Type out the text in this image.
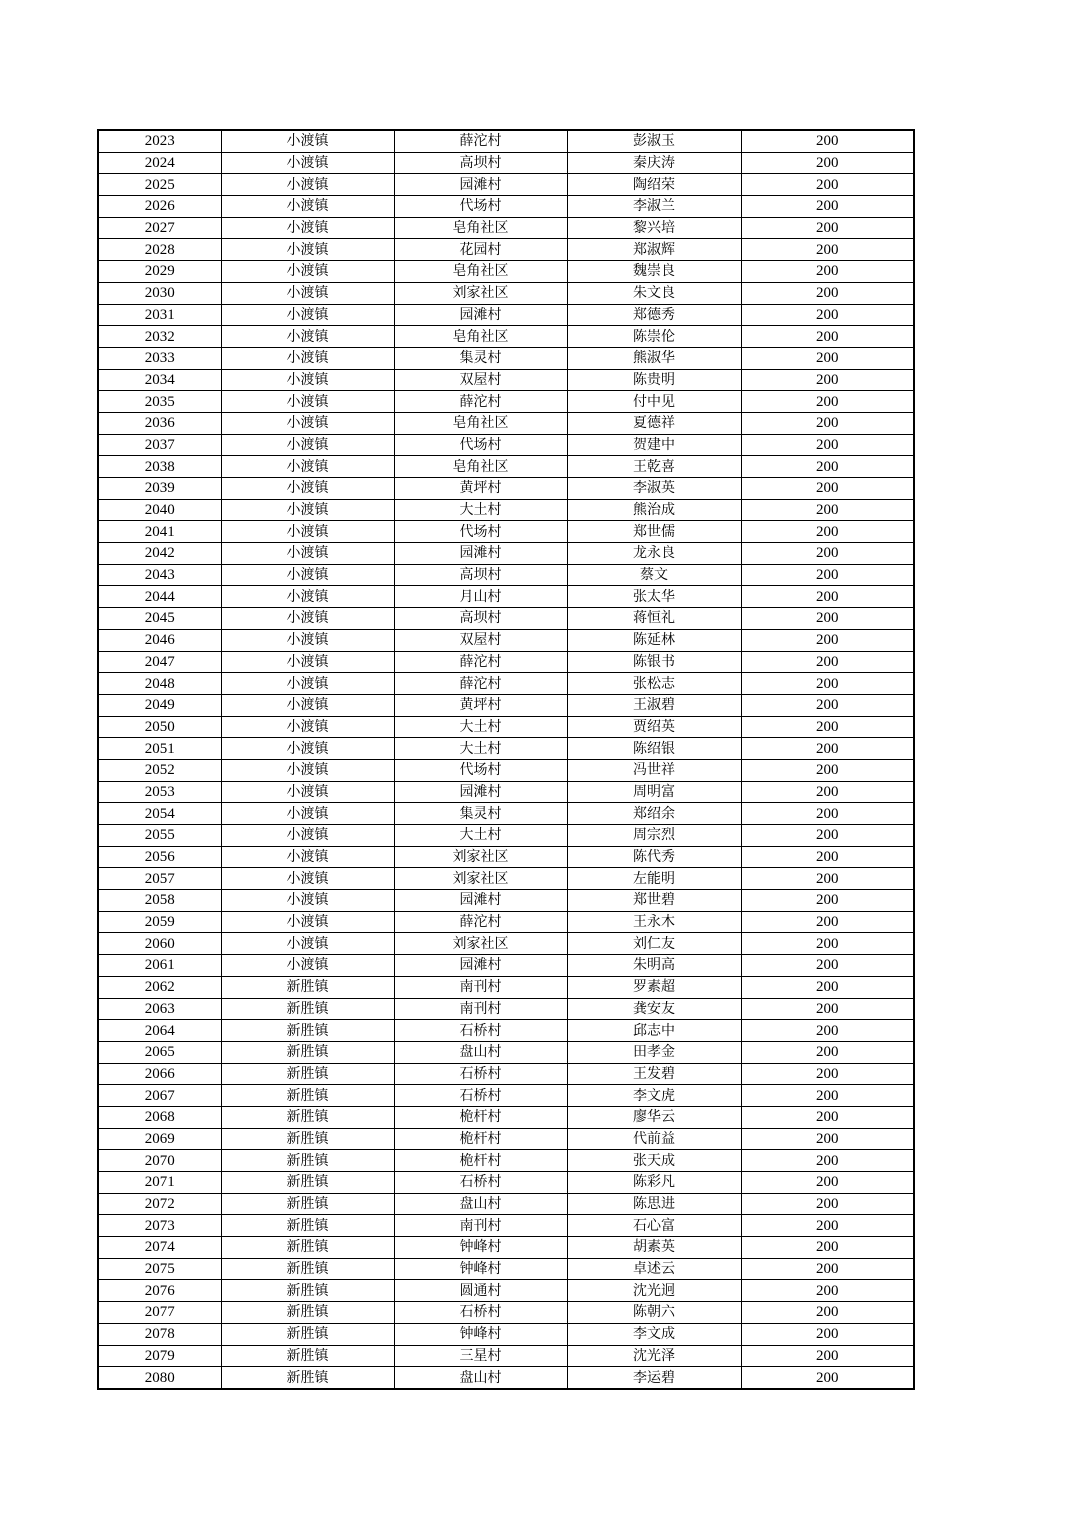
2023	小渡镇	薛沱村	彭淑玉	200
2024	小渡镇	高坝村	秦庆涛	200
2025	小渡镇	园滩村	陶绍荣	200
2026	小渡镇	代场村	李淑兰	200
2027	小渡镇	皂角社区	黎兴培	200
2028	小渡镇	花园村	郑淑辉	200
2029	小渡镇	皂角社区	魏崇良	200
2030	小渡镇	刘家社区	朱文良	200
2031	小渡镇	园滩村	郑德秀	200
2032	小渡镇	皂角社区	陈崇伦	200
2033	小渡镇	集灵村	熊淑华	200
2034	小渡镇	双屋村	陈贵明	200
2035	小渡镇	薛沱村	付中见	200
2036	小渡镇	皂角社区	夏德祥	200
2037	小渡镇	代场村	贺建中	200
2038	小渡镇	皂角社区	王乾喜	200
2039	小渡镇	黄坪村	李淑英	200
2040	小渡镇	大土村	熊治成	200
2041	小渡镇	代场村	郑世儒	200
2042	小渡镇	园滩村	龙永良	200
2043	小渡镇	高坝村	蔡文	200
2044	小渡镇	月山村	张太华	200
2045	小渡镇	高坝村	蒋恒礼	200
2046	小渡镇	双屋村	陈延林	200
2047	小渡镇	薛沱村	陈银书	200
2048	小渡镇	薛沱村	张松志	200
2049	小渡镇	黄坪村	王淑碧	200
2050	小渡镇	大土村	贾绍英	200
2051	小渡镇	大土村	陈绍银	200
2052	小渡镇	代场村	冯世祥	200
2053	小渡镇	园滩村	周明富	200
2054	小渡镇	集灵村	郑绍余	200
2055	小渡镇	大土村	周宗烈	200
2056	小渡镇	刘家社区	陈代秀	200
2057	小渡镇	刘家社区	左能明	200
2058	小渡镇	园滩村	郑世碧	200
2059	小渡镇	薛沱村	王永木	200
2060	小渡镇	刘家社区	刘仁友	200
2061	小渡镇	园滩村	朱明高	200
2062	新胜镇	南刊村	罗素超	200
2063	新胜镇	南刊村	龚安友	200
2064	新胜镇	石桥村	邱志中	200
2065	新胜镇	盘山村	田孝金	200
2066	新胜镇	石桥村	王发碧	200
2067	新胜镇	石桥村	李文虎	200
2068	新胜镇	桅杆村	廖华云	200
2069	新胜镇	桅杆村	代前益	200
2070	新胜镇	桅杆村	张天成	200
2071	新胜镇	石桥村	陈彩凡	200
2072	新胜镇	盘山村	陈思进	200
2073	新胜镇	南刊村	石心富	200
2074	新胜镇	钟峰村	胡素英	200
2075	新胜镇	钟峰村	卓述云	200
2076	新胜镇	圆通村	沈光迥	200
2077	新胜镇	石桥村	陈朝六	200
2078	新胜镇	钟峰村	李文成	200
2079	新胜镇	三星村	沈光泽	200
2080	新胜镇	盘山村	李运碧	200
